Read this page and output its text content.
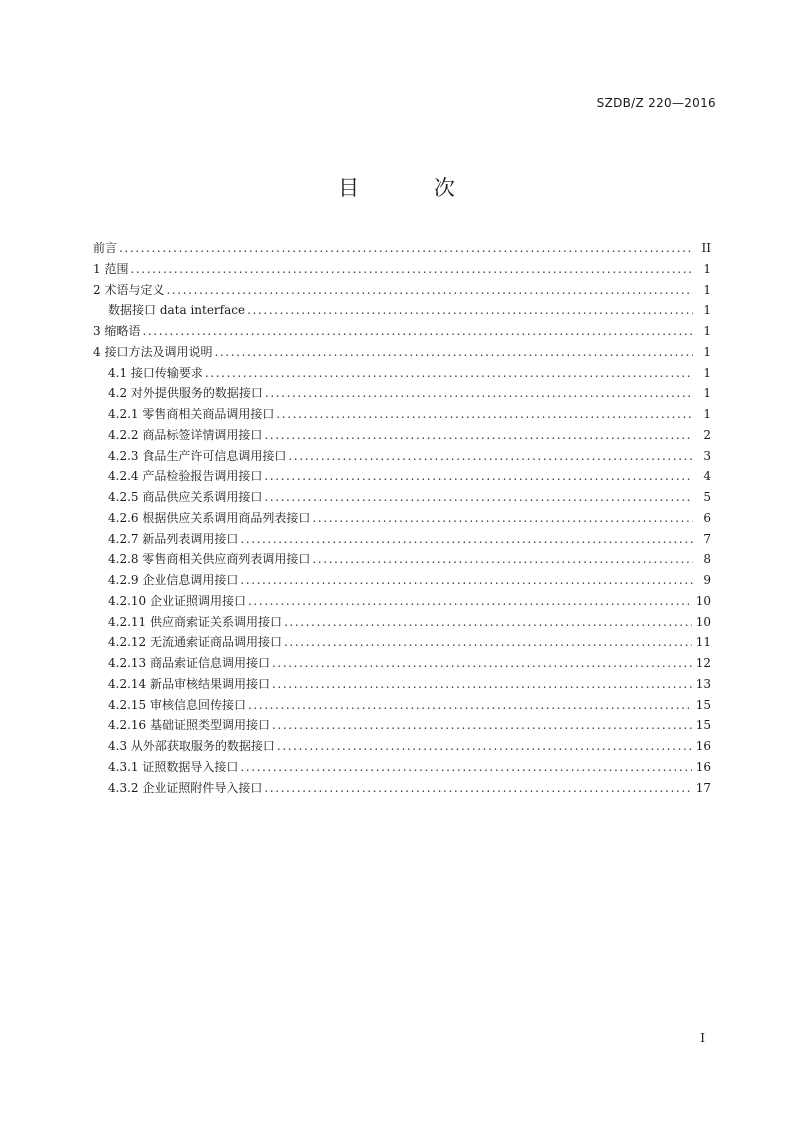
SZDB/Z 220—2016
目 次
前言 .....	II
1 范围 .....	1
2 术语与定义 .....	1
数据接口 data interface .....	1
3 缩略语 .....	1
4 接口方法及调用说明 .....	1
4.1 接口传输要求 .....	1
4.2 对外提供服务的数据接口 .....	1
4.2.1 零售商相关商品调用接口 .....	1
4.2.2 商品标签详情调用接口 .....	2
4.2.3 食品生产许可信息调用接口 .....	3
4.2.4 产品检验报告调用接口 .....	4
4.2.5 商品供应关系调用接口 .....	5
4.2.6 根据供应关系调用商品列表接口 .....	6
4.2.7 新品列表调用接口 .....	7
4.2.8 零售商相关供应商列表调用接口 .....	8
4.2.9 企业信息调用接口 .....	9
4.2.10 企业证照调用接口 .....	10
4.2.11 供应商索证关系调用接口 .....	10
4.2.12 无流通索证商品调用接口 .....	11
4.2.13 商品索证信息调用接口 .....	12
4.2.14 新品审核结果调用接口 .....	13
4.2.15 审核信息回传接口 .....	15
4.2.16 基础证照类型调用接口 .....	15
4.3 从外部获取服务的数据接口 .....	16
4.3.1 证照数据导入接口 .....	16
4.3.2 企业证照附件导入接口 .....	17
I
